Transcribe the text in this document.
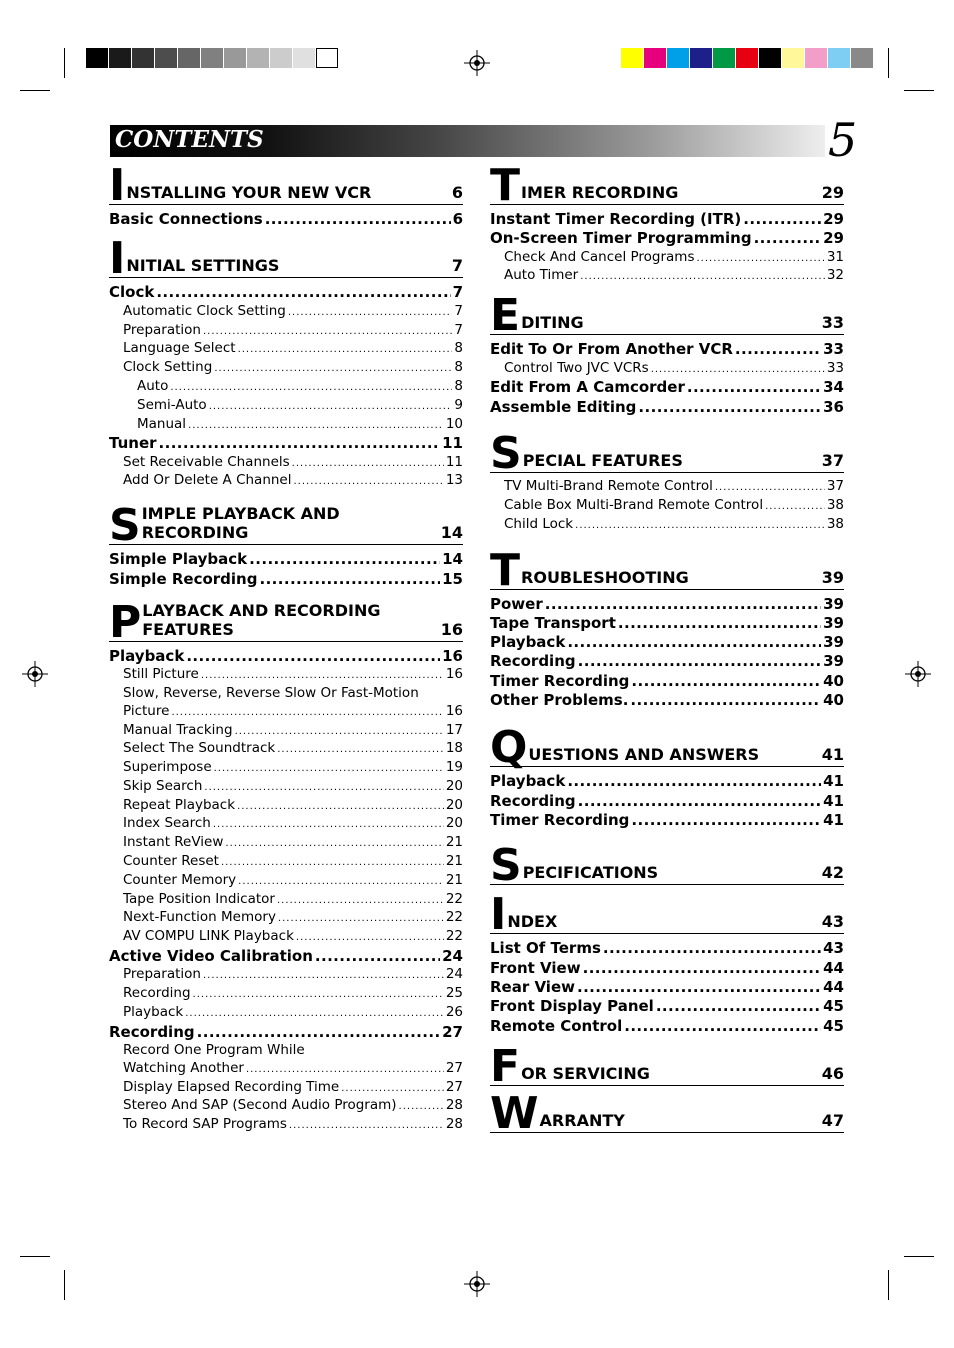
CONTENTS	5
I NSTALLING YOUR NEW VCR	6
Basic Connections .....	6
I NITIAL SETTINGS	7
Clock .....	7
Automatic Clock Setting .....	7
Preparation .....	7
Language Select .....	8
Clock Setting .....	8
Auto .....	8
Semi-Auto .....	9
Manual .....	10
Tuner .....	11
Set Receivable Channels .....	11
Add Or Delete A Channel .....	13
S IMPLE PLAYBACK AND
RECORDING	14
Simple Playback .....	14
Simple Recording .....	15
P LAYBACK AND RECORDING
FEATURES	16
Playback .....	16
Still Picture .....	16
Slow, Reverse, Reverse Slow Or Fast-Motion
Picture .....	16
Manual Tracking .....	17
Select The Soundtrack .....	18
Superimpose .....	19
Skip Search .....	20
Repeat Playback .....	20
Index Search .....	20
Instant ReView .....	21
Counter Reset .....	21
Counter Memory .....	21
Tape Position Indicator .....	22
Next-Function Memory .....	22
AV COMPU LINK Playback .....	22
Active Video Calibration .....	24
Preparation .....	24
Recording .....	25
Playback .....	26
Recording .....	27
Record One Program While
Watching Another .....	27
Display Elapsed Recording Time .....	27
Stereo And SAP (Second Audio Program) .....	28
To Record SAP Programs .....	28
T IMER RECORDING	29
Instant Timer Recording (ITR) .....	29
On-Screen Timer Programming .....	29
Check And Cancel Programs .....	31
Auto Timer .....	32
E DITING	33
Edit To Or From Another VCR .....	33
Control Two JVC VCRs .....	33
Edit From A Camcorder .....	34
Assemble Editing .....	36
S PECIAL FEATURES	37
TV Multi-Brand Remote Control .....	37
Cable Box Multi-Brand Remote Control .....	38
Child Lock .....	38
T ROUBLESHOOTING	39
Power .....	39
Tape Transport .....	39
Playback .....	39
Recording .....	39
Timer Recording .....	40
Other Problems. .....	40
Q UESTIONS AND ANSWERS	41
Playback .....	41
Recording .....	41
Timer Recording .....	41
S PECIFICATIONS	42
I NDEX	43
List Of Terms .....	43
Front View .....	44
Rear View .....	44
Front Display Panel .....	45
Remote Control .....	45
F OR SERVICING	46
W ARRANTY	47
